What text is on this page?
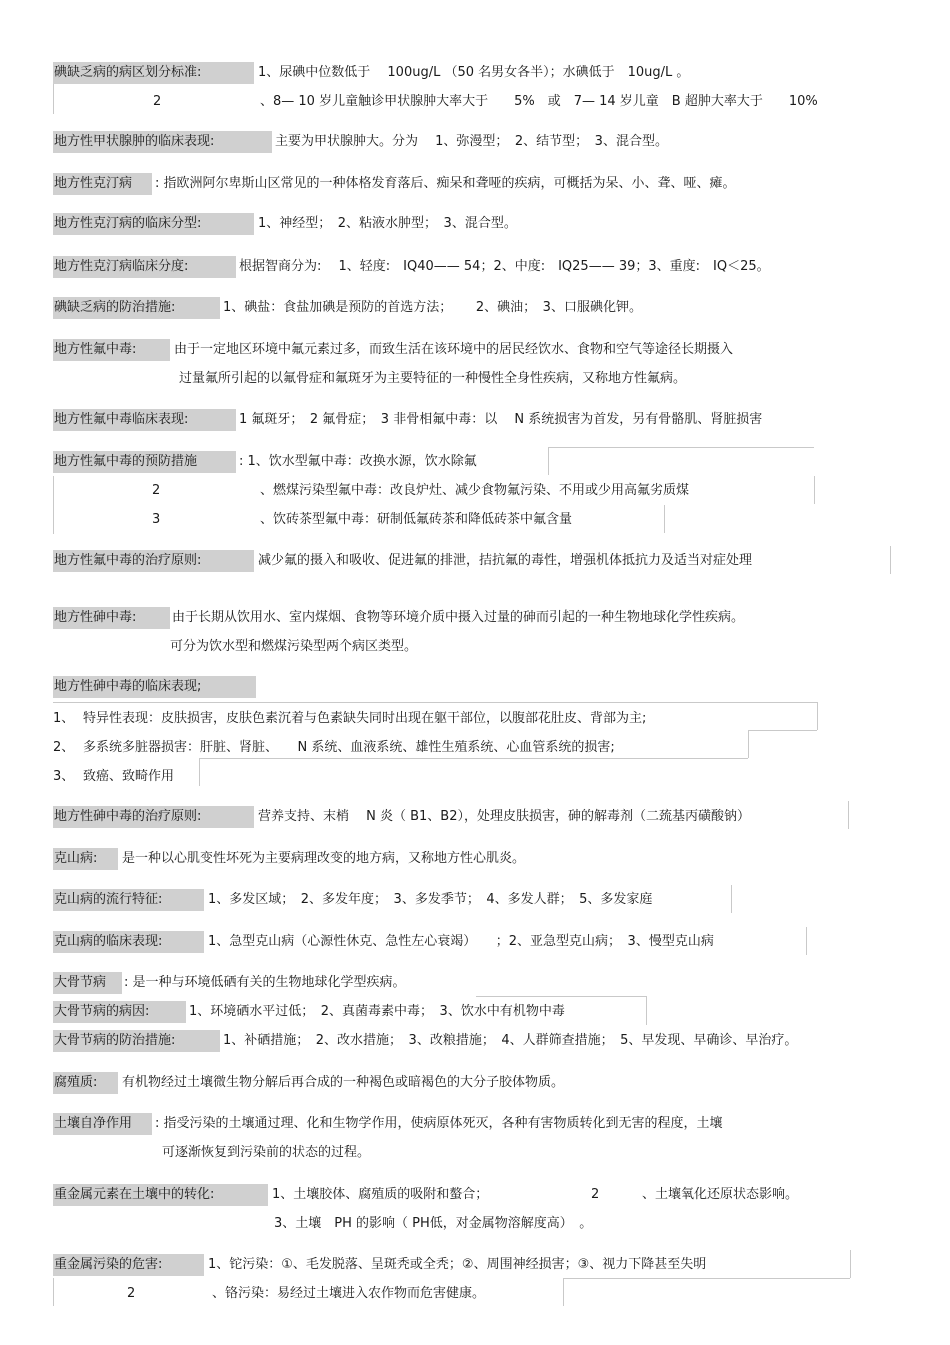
碘缺乏病的病区划分标准:	1、尿碘中位数低于　 100ug/L （50 名男女各半）；水碘低于　10ug/L 。
2	、8— 10 岁儿童触诊甲状腺肿大率大于　　5%　或　7— 14 岁儿童　B 超肿大率大于　　10%
地方性甲状腺肿的临床表现:	主要为甲状腺肿大。分为　 1、弥漫型；　2、结节型；　3、混合型。
地方性克汀病	: 指欧洲阿尔卑斯山区常见的一种体格发育落后、痴呆和聋哑的疾病，可概括为呆、小、聋、哑、瘫。
地方性克汀病的临床分型:	1、神经型；　2、粘液水肿型；　3、混合型。
地方性克汀病临床分度:	根据智商分为:　 1、轻度:　IQ40—— 54；2、中度:　IQ25—— 39；3、重度:　IQ＜25。
碘缺乏病的防治措施:	1、碘盐：食盐加碘是预防的首选方法；　　 2、碘油；　3、口服碘化钾。
地方性氟中毒:	由于一定地区环境中氟元素过多，而致生活在该环境中的居民经饮水、食物和空气等途径长期摄入
过量氟所引起的以氟骨症和氟斑牙为主要特征的一种慢性全身性疾病，又称地方性氟病。
地方性氟中毒临床表现:	1 氟斑牙；　2 氟骨症；　3 非骨相氟中毒：以　 N 系统损害为首发，另有骨骼肌、肾脏损害
地方性氟中毒的预防措施	: 1、饮水型氟中毒：改换水源，饮水除氟
2	、燃煤污染型氟中毒：改良炉灶、减少食物氟污染、不用或少用高氟劣质煤
3	、饮砖茶型氟中毒：研制低氟砖茶和降低砖茶中氟含量
地方性氟中毒的治疗原则:	减少氟的摄入和吸收、促进氟的排泄，拮抗氟的毒性，增强机体抵抗力及适当对症处理
地方性砷中毒:	由于长期从饮用水、室内煤烟、食物等环境介质中摄入过量的砷而引起的一种生物地球化学性疾病。
可分为饮水型和燃煤污染型两个病区类型。
地方性砷中毒的临床表现;
1、 特异性表现：皮肤损害，皮肤色素沉着与色素缺失同时出现在躯干部位，以腹部花肚皮、背部为主;
2、 多系统多脏器损害：肝脏、肾脏、　　N 系统、血液系统、雄性生殖系统、心血管系统的损害;
3、 致癌、致畸作用
地方性砷中毒的治疗原则:	营养支持、末梢　 N 炎（ B1、B2），处理皮肤损害，砷的解毒剂（二巯基丙磺酸钠）
克山病:	是一种以心肌变性坏死为主要病理改变的地方病，又称地方性心肌炎。
克山病的流行特征:	1、多发区域；　2、多发年度；　3、多发季节；　4、多发人群；　5、多发家庭
克山病的临床表现:	1、急型克山病（心源性休克、急性左心衰竭）　　；2、亚急型克山病；　3、慢型克山病
大骨节病	: 是一种与环境低硒有关的生物地球化学型疾病。
大骨节病的病因:	1、环境硒水平过低；　2、真菌毒素中毒；　3、饮水中有机物中毒
大骨节病的防治措施:	1、补硒措施；　2、改水措施；　3、改粮措施；　4、人群筛查措施；　5、早发现、早确诊、早治疗。
腐殖质:	有机物经过土壤微生物分解后再合成的一种褐色或暗褐色的大分子胶体物质。
土壤自净作用	: 指受污染的土壤通过理、化和生物学作用，使病原体死灭，各种有害物质转化到无害的程度，土壤
可逐渐恢复到污染前的状态的过程。
重金属元素在土壤中的转化:	1、土壤胶体、腐殖质的吸附和螯合；	2	、土壤氧化还原状态影响。
3、土壤　PH 的影响（ PH低，对金属物溶解度高）　。
重金属污染的危害:	1、铊污染：①、毛发脱落、呈斑秃或全秃；②、周围神经损害；③、视力下降甚至失明
2	、铬污染：易经过土壤进入农作物而危害健康。
